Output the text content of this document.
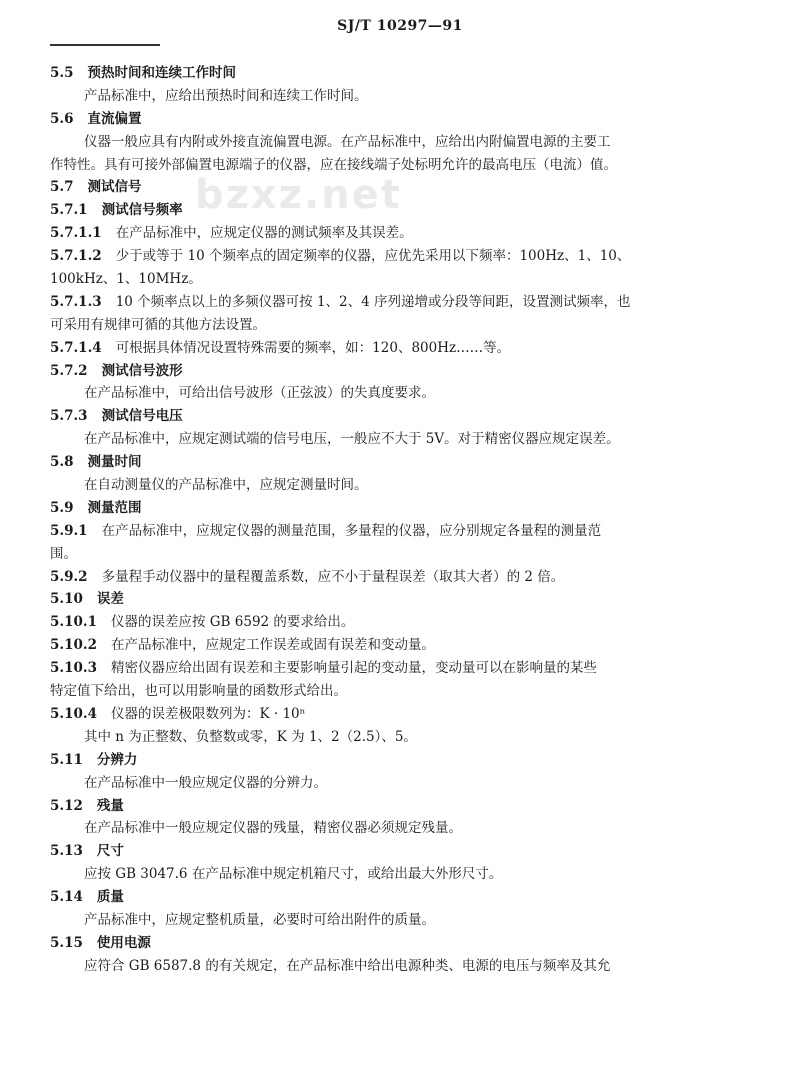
SJ/T 10297—91
bzxz.net
5.5 预热时间和连续工作时间
产品标准中，应给出预热时间和连续工作时间。
5.6 直流偏置
仪器一般应具有内附或外接直流偏置电源。在产品标准中，应给出内附偏置电源的主要工
作特性。具有可接外部偏置电源端子的仪器，应在接线端子处标明允许的最高电压（电流）值。
5.7 测试信号
5.7.1 测试信号频率
5.7.1.1 在产品标准中，应规定仪器的测试频率及其误差。
5.7.1.2 少于或等于 10 个频率点的固定频率的仪器，应优先采用以下频率：100Hz、1、10、
100kHz、1、10MHz。
5.7.1.3 10 个频率点以上的多频仪器可按 1、2、4 序列递增或分段等间距，设置测试频率，也
可采用有规律可循的其他方法设置。
5.7.1.4 可根据具体情况设置特殊需要的频率，如：120、800Hz……等。
5.7.2 测试信号波形
在产品标准中，可给出信号波形（正弦波）的失真度要求。
5.7.3 测试信号电压
在产品标准中，应规定测试端的信号电压，一般应不大于 5V。对于精密仪器应规定误差。
5.8 测量时间
在自动测量仪的产品标准中，应规定测量时间。
5.9 测量范围
5.9.1 在产品标准中，应规定仪器的测量范围，多量程的仪器，应分别规定各量程的测量范
围。
5.9.2 多量程手动仪器中的量程覆盖系数，应不小于量程误差（取其大者）的 2 倍。
5.10 误差
5.10.1 仪器的误差应按 GB 6592 的要求给出。
5.10.2 在产品标准中，应规定工作误差或固有误差和变动量。
5.10.3 精密仪器应给出固有误差和主要影响量引起的变动量，变动量可以在影响量的某些
特定值下给出，也可以用影响量的函数形式给出。
5.10.4 仪器的误差极限数列为：K · 10ⁿ
其中 n 为正整数、负整数或零，K 为 1、2（2.5）、5。
5.11 分辨力
在产品标准中一般应规定仪器的分辨力。
5.12 残量
在产品标准中一般应规定仪器的残量，精密仪器必须规定残量。
5.13 尺寸
应按 GB 3047.6 在产品标准中规定机箱尺寸，或给出最大外形尺寸。
5.14 质量
产品标准中，应规定整机质量，必要时可给出附件的质量。
5.15 使用电源
应符合 GB 6587.8 的有关规定，在产品标准中给出电源种类、电源的电压与频率及其允
